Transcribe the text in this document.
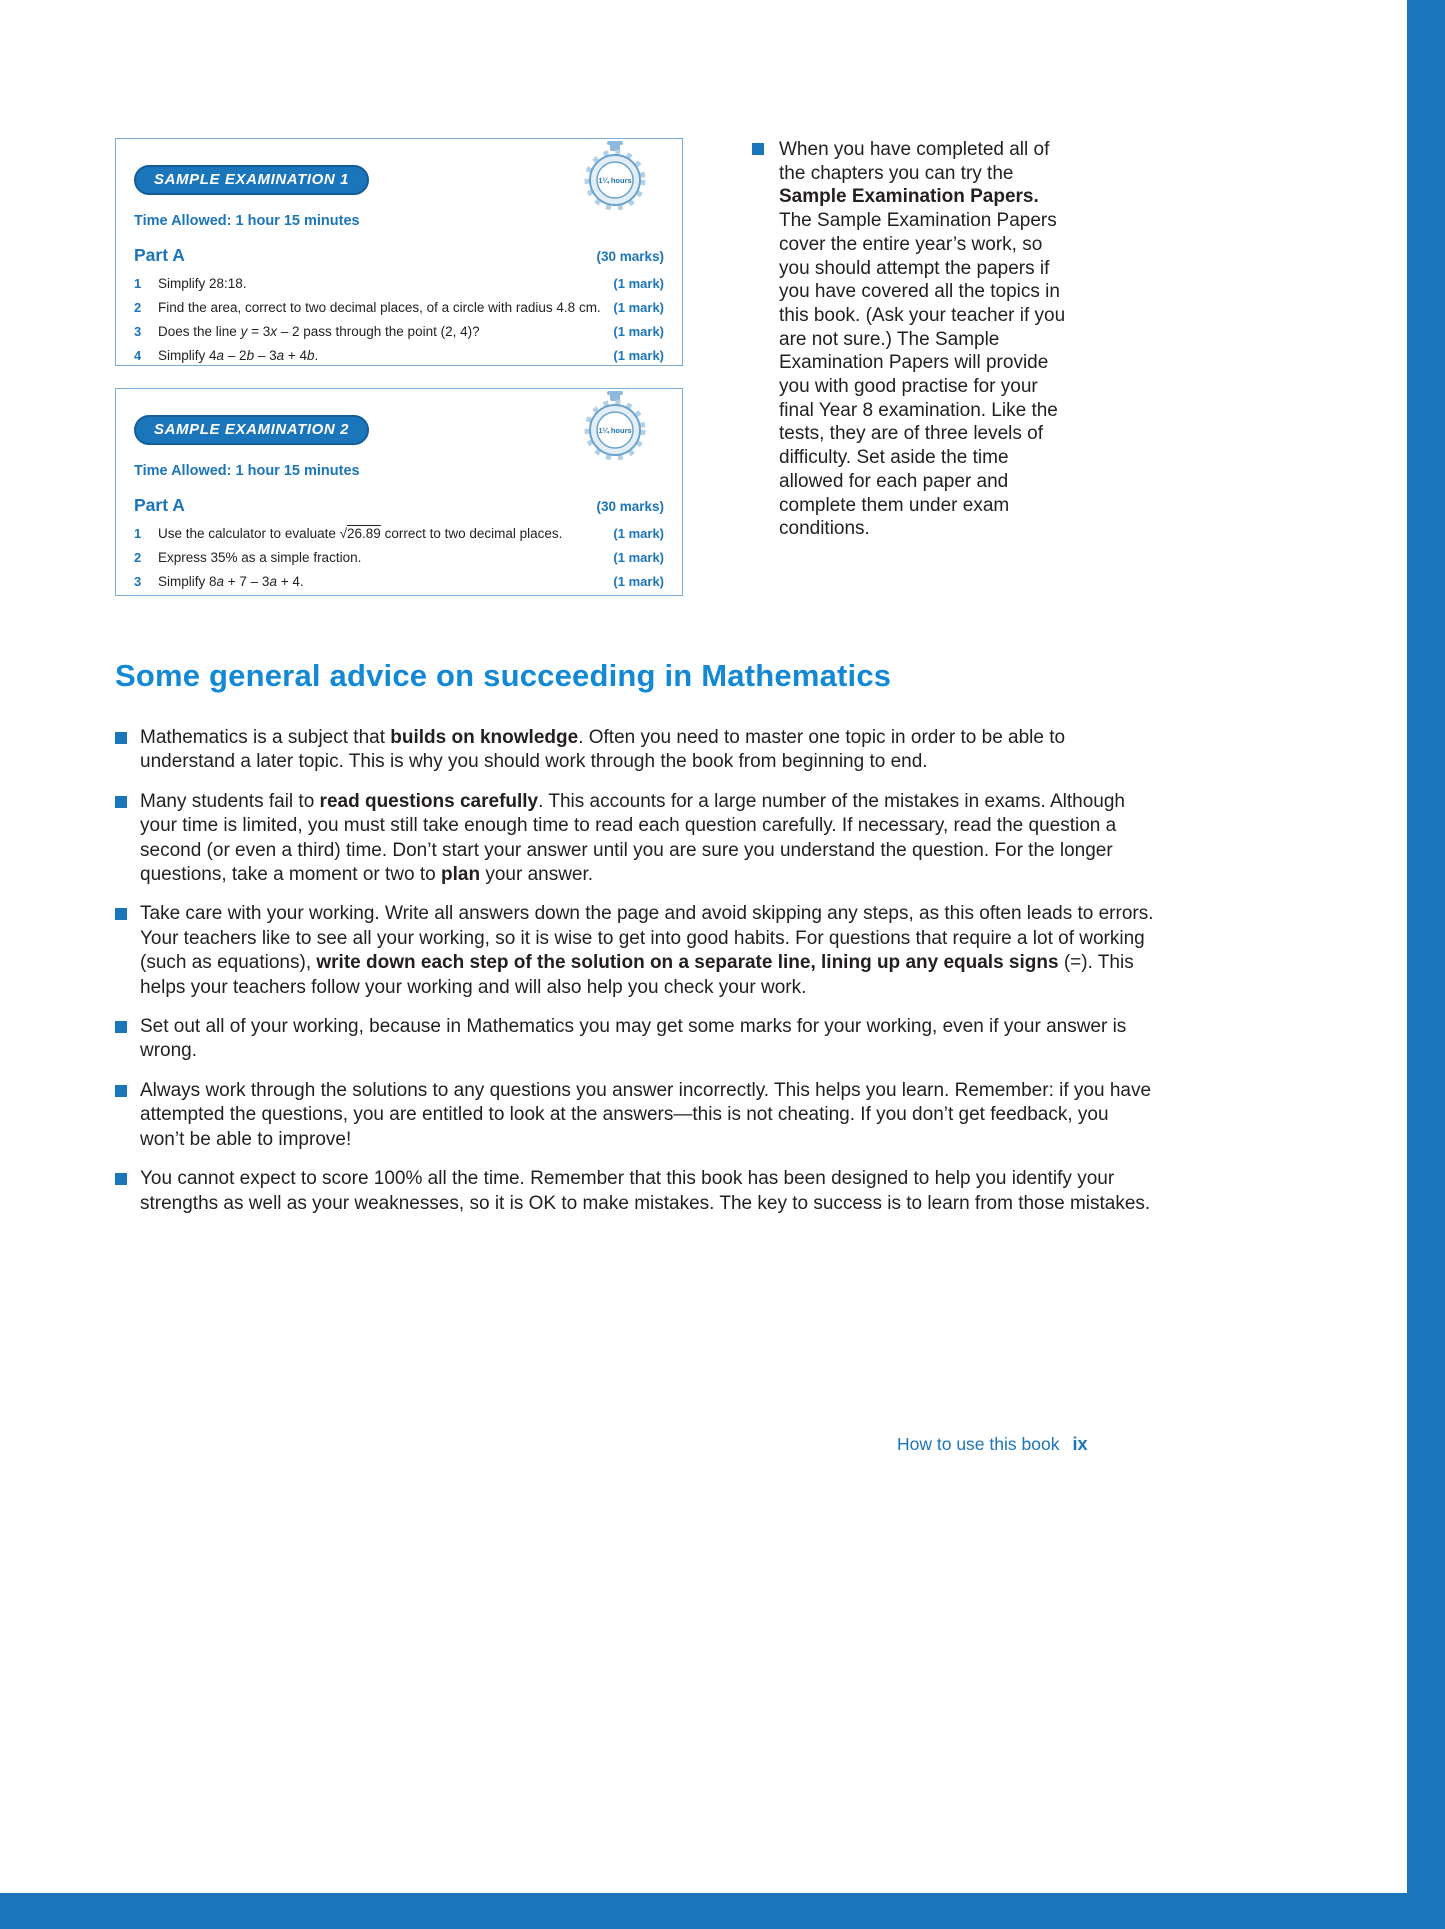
SAMPLE EXAMINATION 1	1¼ hours
Time Allowed: 1 hour 15 minutes
Part A	(30 marks)
1	Simplify 28:18.	(1 mark)
2	Find the area, correct to two decimal places, of a circle with radius 4.8 cm. (1 mark)
3	Does the line y = 3x – 2 pass through the point (2, 4)?	(1 mark)
4	Simplify 4a – 2b – 3a + 4b.	(1 mark)
SAMPLE EXAMINATION 2	1¼ hours
Time Allowed: 1 hour 15 minutes
Part A	(30 marks)
1	Use the calculator to evaluate √26.89 correct to two decimal places.	(1 mark)
2	Express 35% as a simple fraction.	(1 mark)
3	Simplify 8a + 7 – 3a + 4.	(1 mark)

When you have completed all of the chapters you can try the Sample Examination Papers. The Sample Examination Papers cover the entire year’s work, so you should attempt the papers if you have covered all the topics in this book. (Ask your teacher if you are not sure.) The Sample Examination Papers will provide you with good practise for your final Year 8 examination. Like the tests, they are of three levels of difficulty. Set aside the time allowed for each paper and complete them under exam conditions.

Some general advice on succeeding in Mathematics

Mathematics is a subject that builds on knowledge. Often you need to master one topic in order to be able to understand a later topic. This is why you should work through the book from beginning to end.

Many students fail to read questions carefully. This accounts for a large number of the mistakes in exams. Although your time is limited, you must still take enough time to read each question carefully. If necessary, read the question a second (or even a third) time. Don’t start your answer until you are sure you understand the question. For the longer questions, take a moment or two to plan your answer.

Take care with your working. Write all answers down the page and avoid skipping any steps, as this often leads to errors. Your teachers like to see all your working, so it is wise to get into good habits. For questions that require a lot of working (such as equations), write down each step of the solution on a separate line, lining up any equals signs (=). This helps your teachers follow your working and will also help you check your work.

Set out all of your working, because in Mathematics you may get some marks for your working, even if your answer is wrong.

Always work through the solutions to any questions you answer incorrectly. This helps you learn. Remember: if you have attempted the questions, you are entitled to look at the answers—this is not cheating. If you don’t get feedback, you won’t be able to improve!

You cannot expect to score 100% all the time. Remember that this book has been designed to help you identify your strengths as well as your weaknesses, so it is OK to make mistakes. The key to success is to learn from those mistakes.

How to use this book ix
